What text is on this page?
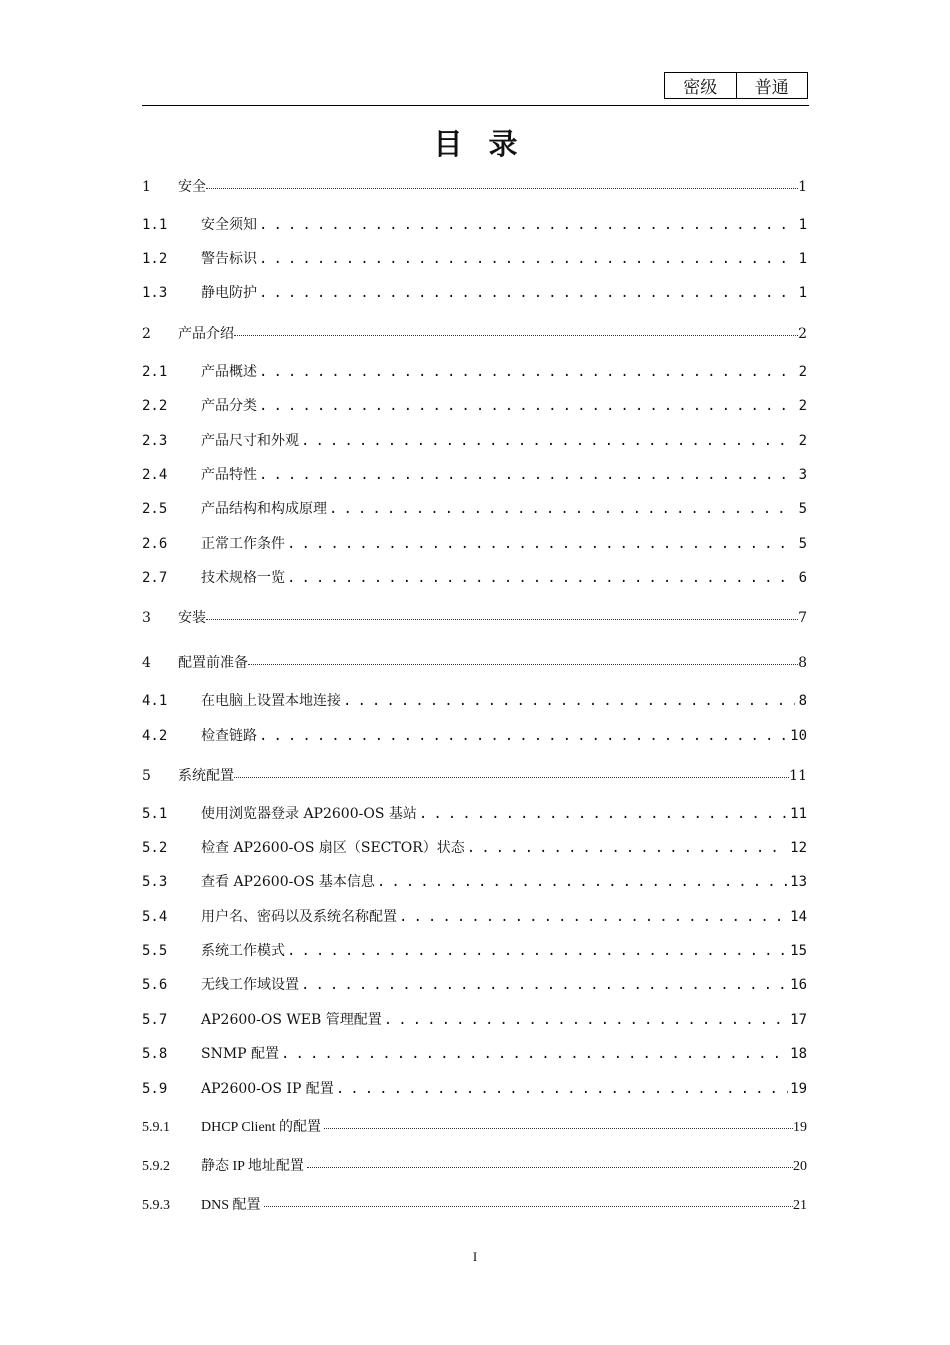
密级	普通
目录
1	安全	1
1.1	安全须知 . . .	1
1.2	警告标识 . . .	1
1.3	静电防护 . . .	1
2	产品介绍	2
2.1	产品概述 . . .	2
2.2	产品分类 . . .	2
2.3	产品尺寸和外观 . . .	2
2.4	产品特性 . . .	3
2.5	产品结构和构成原理 . . .	5
2.6	正常工作条件 . . .	5
2.7	技术规格一览 . . .	6
3	安装	7
4	配置前准备	8
4.1	在电脑上设置本地连接 . . .	8
4.2	检查链路 . . .	10
5	系统配置	11
5.1	使用浏览器登录 AP2600-OS 基站 . . .	11
5.2	检查 AP2600-OS 扇区（SECTOR）状态 . . .	12
5.3	查看 AP2600-OS 基本信息 . . .	13
5.4	用户名、密码以及系统名称配置 . . .	14
5.5	系统工作模式 . . .	15
5.6	无线工作域设置 . . .	16
5.7	AP2600-OS WEB 管理配置 . . .	17
5.8	SNMP 配置 . . .	18
5.9	AP2600-OS IP 配置 . . .	19
5.9.1	DHCP Client 的配置	19
5.9.2	静态 IP 地址配置	20
5.9.3	DNS 配置	21
I
